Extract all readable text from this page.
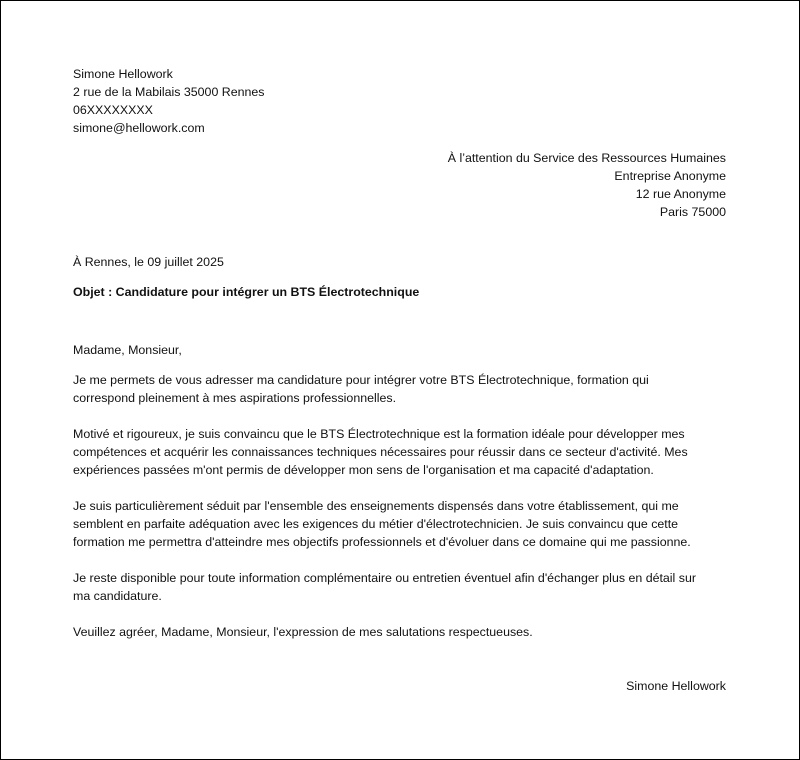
Simone Hellowork
2 rue de la Mabilais 35000 Rennes
06XXXXXXXX
simone@hellowork.com
À l’attention du Service des Ressources Humaines
Entreprise Anonyme
12 rue Anonyme
Paris 75000
À Rennes, le 09 juillet 2025
Objet : Candidature pour intégrer un BTS Électrotechnique
Madame, Monsieur,

Je me permets de vous adresser ma candidature pour intégrer votre BTS Électrotechnique, formation qui
correspond pleinement à mes aspirations professionnelles.

Motivé et rigoureux, je suis convaincu que le BTS Électrotechnique est la formation idéale pour développer mes
compétences et acquérir les connaissances techniques nécessaires pour réussir dans ce secteur d'activité. Mes
expériences passées m'ont permis de développer mon sens de l'organisation et ma capacité d'adaptation.

Je suis particulièrement séduit par l'ensemble des enseignements dispensés dans votre établissement, qui me
semblent en parfaite adéquation avec les exigences du métier d'électrotechnicien. Je suis convaincu que cette
formation me permettra d'atteindre mes objectifs professionnels et d'évoluer dans ce domaine qui me passionne.

Je reste disponible pour toute information complémentaire ou entretien éventuel afin d'échanger plus en détail sur
ma candidature.

Veuillez agréer, Madame, Monsieur, l'expression de mes salutations respectueuses.
Simone Hellowork
